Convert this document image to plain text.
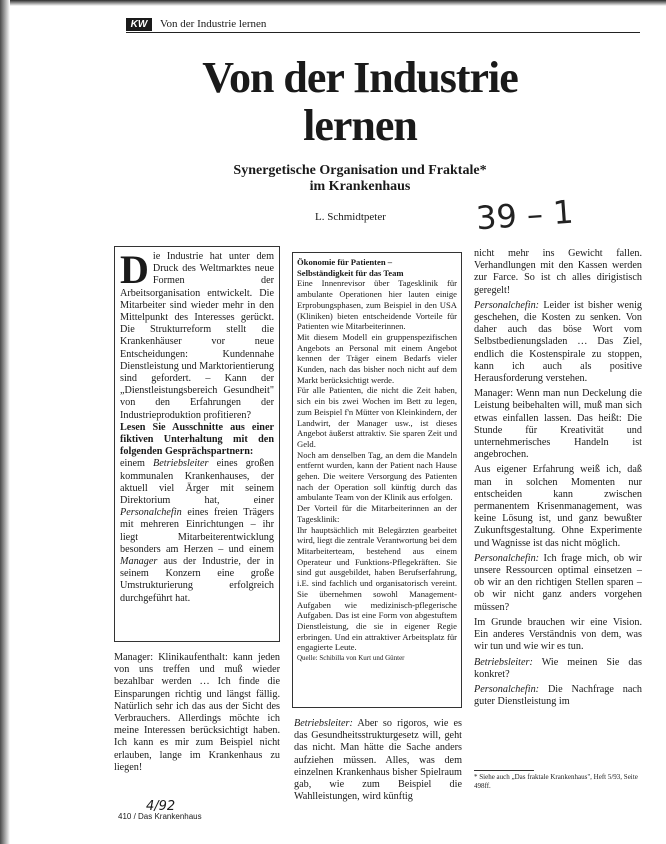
KW	Von der Industrie lernen
Von der Industrie
lernen
Synergetische Organisation und Fraktale*
im Krankenhaus
L. Schmidtpeter	39 – 1
D ie Industrie hat unter dem Druck des Weltmarktes neue Formen der Arbeitsorganisation entwickelt. Die Mitarbeiter sind wieder mehr in den Mittelpunkt des Interesses gerückt. Die Strukturreform stellt die Krankenhäuser vor neue Entscheidungen: Kundennahe Dienstleistung und Marktorientierung sind gefordert. – Kann der „Dienstleistungsbereich Gesundheit" von den Erfahrungen der Industrieproduktion profitieren?

Lesen Sie Ausschnitte aus einer fiktiven Unterhaltung mit den folgenden Gesprächspartnern:

einem Betriebsleiter eines großen kommunalen Krankenhauses, der aktuell viel Ärger mit seinem Direktorium hat, einer Personalchefin eines freien Trägers mit mehreren Einrichtungen – ihr liegt Mitarbeiterentwicklung besonders am Herzen – und einem Manager aus der Industrie, der in seinem Konzern eine große Umstrukturierung erfolgreich durchgeführt hat.

Manager: Klinikaufenthalt: kann jeden von uns treffen und muß wieder bezahlbar werden … Ich finde die Einsparungen richtig und längst fällig. Natürlich sehr ich das aus der Sicht des Verbrauchers. Allerdings möchte ich meine Interessen berücksichtigt haben. Ich kann es mir zum Beispiel nicht erlauben, lange im Krankenhaus zu liegen!

Ökonomie für Patienten –
Selbständigkeit für das Team

Eine Innenrevisor über Tagesklinik für ambulante Operationen hier lauten einige Erprobungsphasen, zum Beispiel in den USA (Kliniken) bieten entscheidende Vorteile für Patienten wie Mitarbeiterinnen.

Mit diesem Modell ein gruppenspezifischen Angebots an Personal mit einem Angebot kennen der Träger einem Bedarfs vieler Kunden, nach das bisher noch nicht auf dem Markt berücksichtigt werde.

Für alle Patienten, die nicht die Zeit haben, sich ein bis zwei Wochen im Bett zu legen, zum Beispiel f'n Mütter von Kleinkindern, der Landwirt, der Manager usw., ist dieses Angebot äußerst attraktiv. Sie sparen Zeit und Geld.

Noch am denselben Tag, an dem die Mandeln entfernt wurden, kann der Patient nach Hause gehen. Die weitere Versorgung des Patienten nach der Operation soll künftig durch das ambulante Team von der Klinik aus erfolgen.

Der Vorteil für die Mitarbeiterinnen an der Tagesklinik:

Ihr hauptsächlich mit Belegärzten gearbeitet wird, liegt die zentrale Verantwortung bei dem Mitarbeiterteam, bestehend aus einem Operateur und Funktions-Pflegekräften. Sie sind gut ausgebildet, haben Berufserfahrung, i.E. sind fachlich und organisatorisch vereint. Sie übernehmen sowohl Management-Aufgaben wie medizinisch-pflegerische Aufgaben. Das ist eine Form von abgestuftem Dienstleistung, die sie in eigener Regie erbringen. Und ein attraktiver Arbeitsplatz für engagierte Leute.

Quelle: Schibilla von Kurt und Günter

Betriebsleiter: Aber so rigoros, wie es das Gesundheitsstrukturgesetz will, geht das nicht. Man hätte die Sache anders aufziehen müssen. Alles, was dem einzelnen Krankenhaus bisher Spielraum gab, wie zum Beispiel die Wahlleistungen, wird künftig

nicht mehr ins Gewicht fallen. Verhandlungen mit den Kassen werden zur Farce. So ist ch alles dirigistisch geregelt!

Personalchefin: Leider ist bisher wenig geschehen, die Kosten zu senken. Von daher auch das böse Wort vom Selbstbedienungsladen … Das Ziel, endlich die Kostenspirale zu stoppen, kann ich auch als positive Herausforderung verstehen.

Manager: Wenn man nun Deckelung die Leistung beibehalten will, muß man sich etwas einfallen lassen. Das heißt: Die Stunde für Kreativität und unternehmerisches Handeln ist angebrochen.

Aus eigener Erfahrung weiß ich, daß man in solchen Momenten nur entscheiden kann zwischen permanentem Krisenmanagement, was keine Lösung ist, und ganz bewußter Zukunftsgestaltung. Ohne Experimente und Wagnisse ist das nicht möglich.

Personalchefin: Ich frage mich, ob wir unsere Ressourcen optimal einsetzen – ob wir an den richtigen Stellen sparen – ob wir nicht ganz anders vorgehen müssen?

Im Grunde brauchen wir eine Vision. Ein anderes Verständnis von dem, was wir tun und wie wir es tun.

Betriebsleiter: Wie meinen Sie das konkret?

Personalchefin: Die Nachfrage nach guter Dienstleistung im

* Siehe auch „Das fraktale Krankenhaus", Heft 5/93, Seite 498ff.
410 / Das Krankenhaus
4/92
